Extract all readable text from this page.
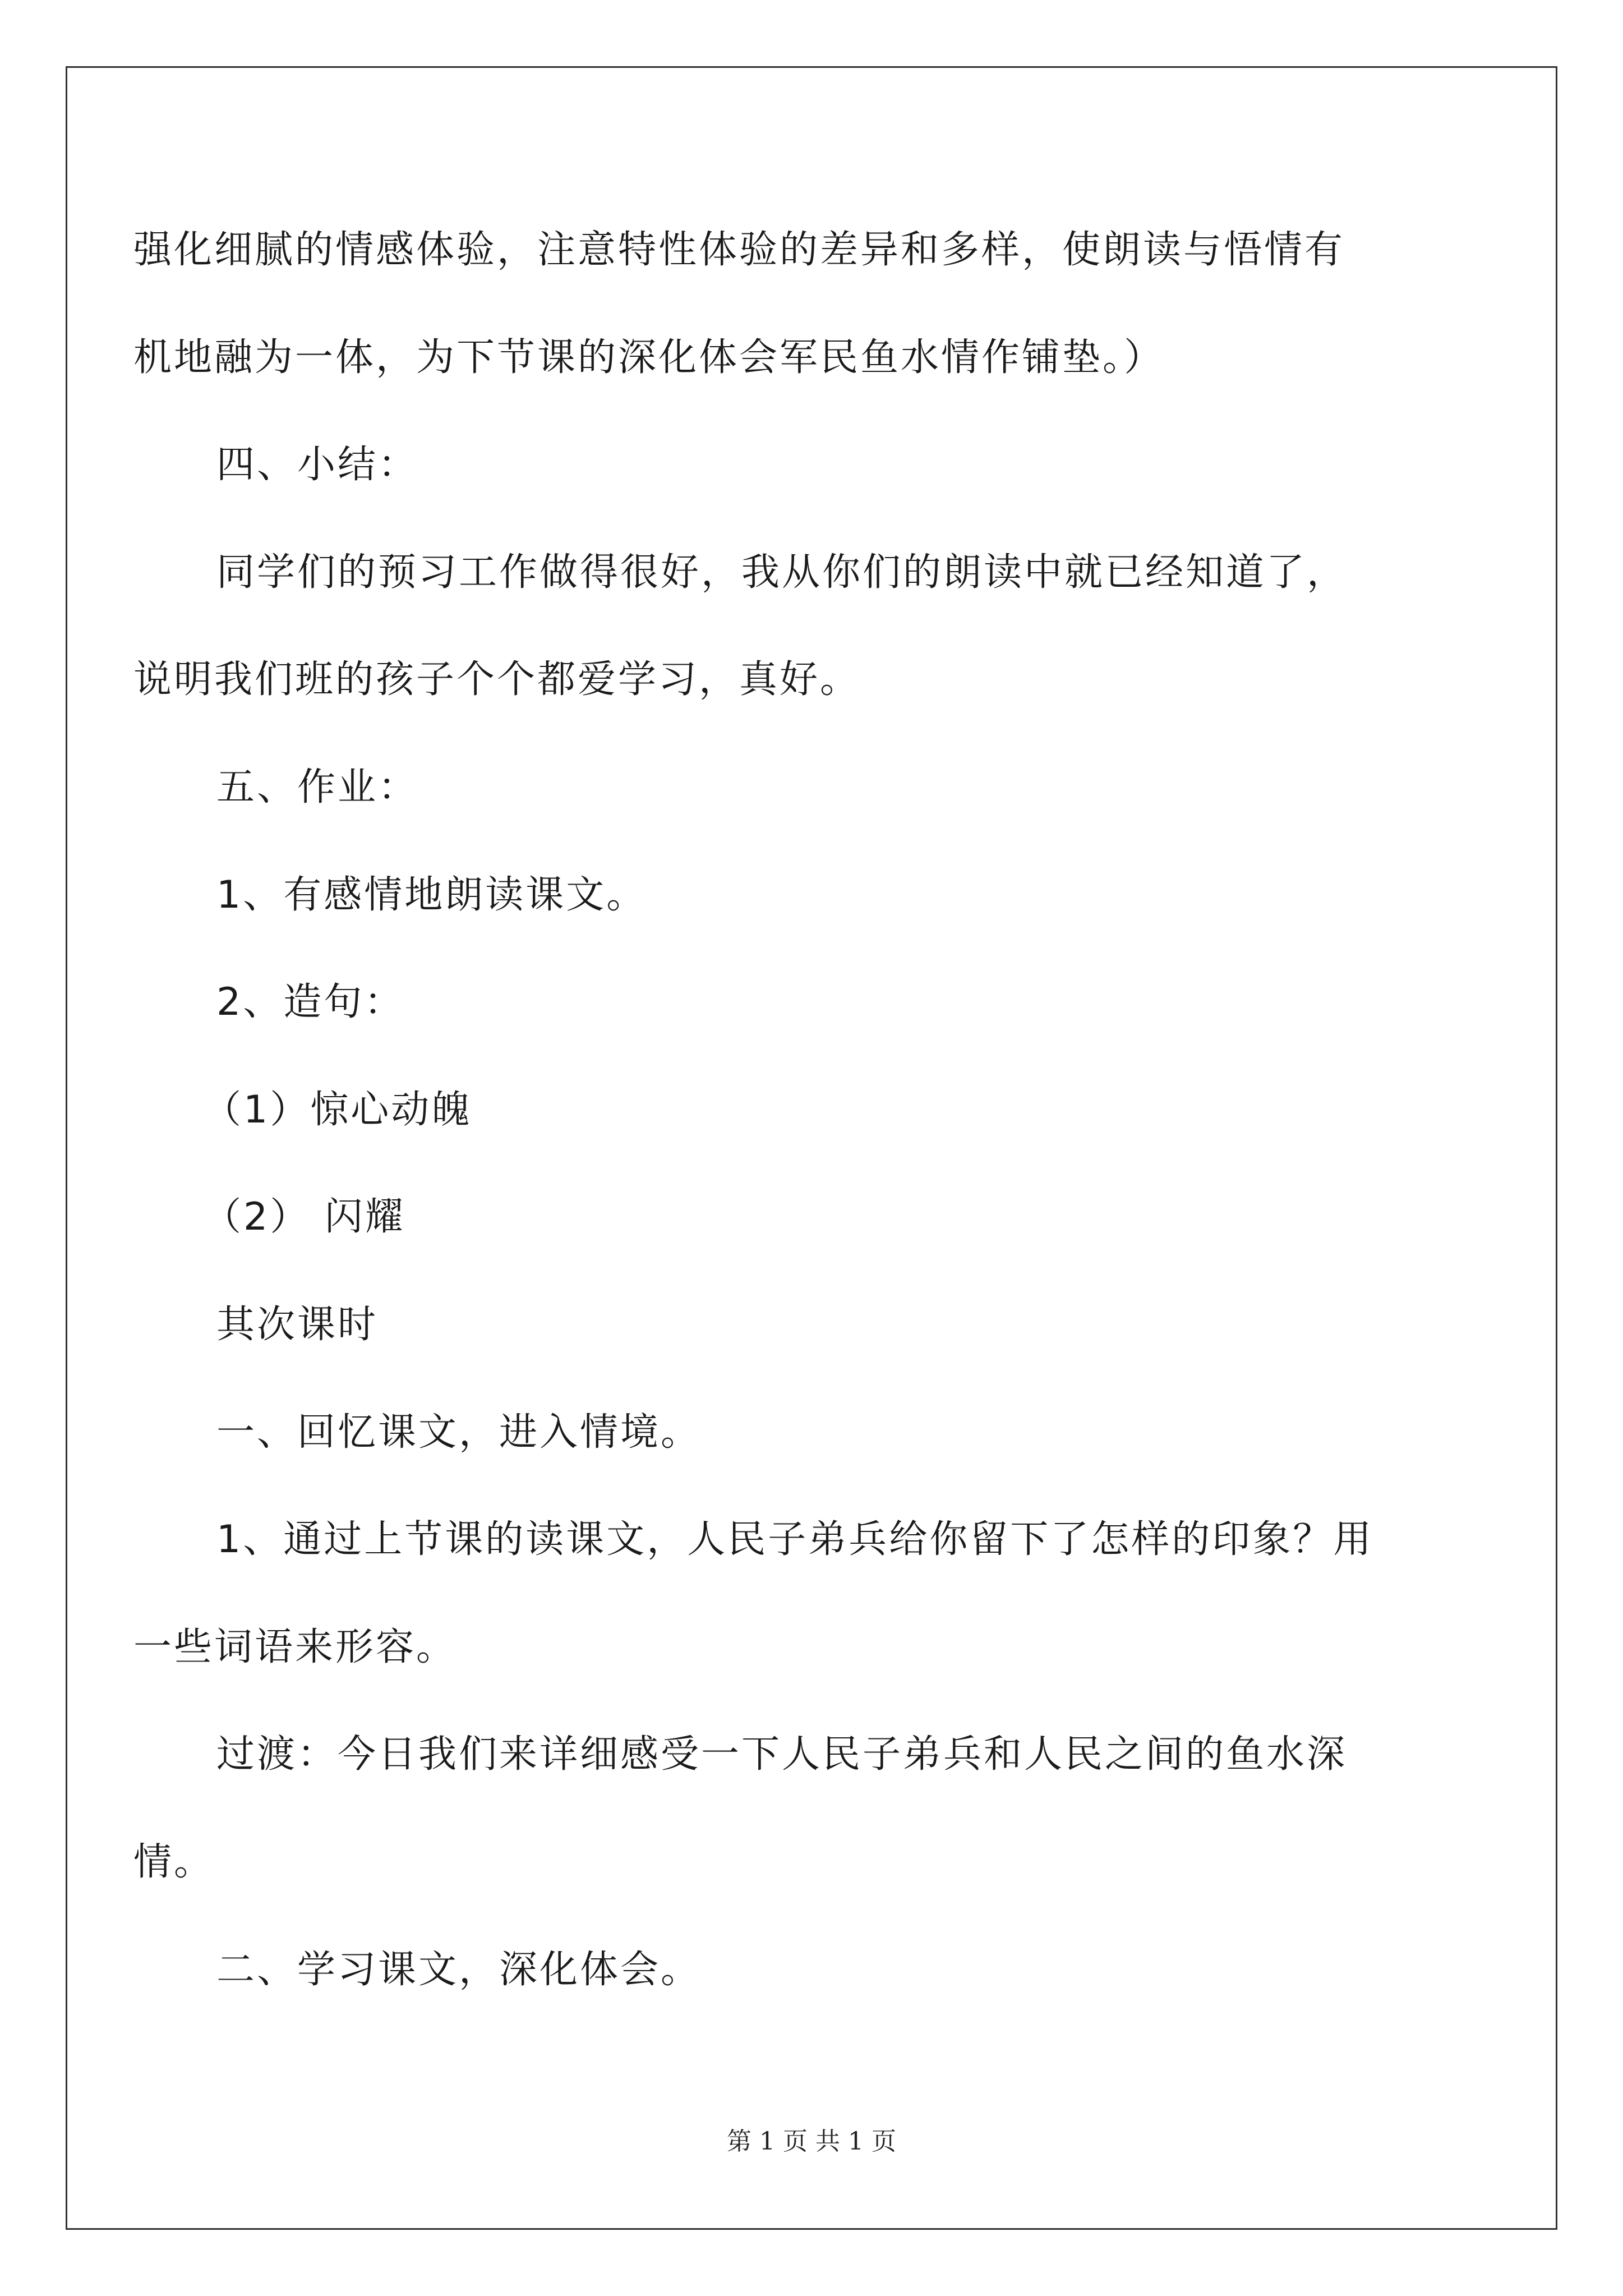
强化细腻的情感体验，注意特性体验的差异和多样，使朗读与悟情有
机地融为一体，为下节课的深化体会军民鱼水情作铺垫。）
四、小结：
同学们的预习工作做得很好，我从你们的朗读中就已经知道了，
说明我们班的孩子个个都爱学习，真好。
五、作业：
1、有感情地朗读课文。
2、造句：
（1）惊心动魄
（2） 闪耀
其次课时
一、回忆课文，进入情境。
1、通过上节课的读课文，人民子弟兵给你留下了怎样的印象？用
一些词语来形容。
过渡：今日我们来详细感受一下人民子弟兵和人民之间的鱼水深
情。
二、学习课文，深化体会。
第 1 页 共 1 页
